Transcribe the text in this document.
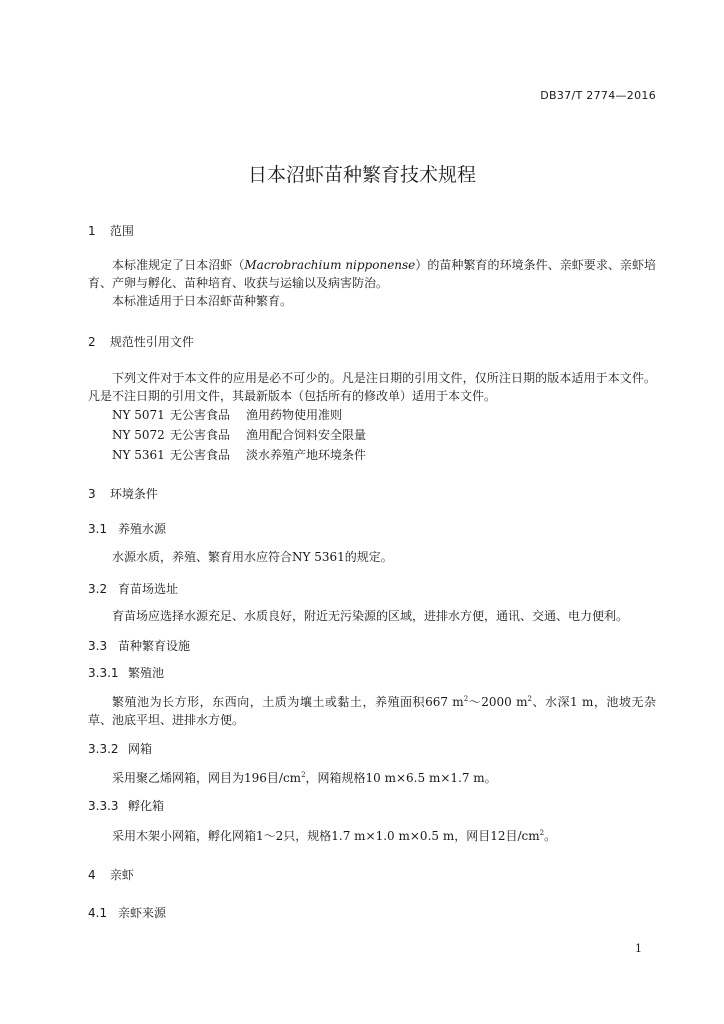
DB37/T 2774—2016
日本沼虾苗种繁育技术规程
1 范围
本标准规定了日本沼虾（Macrobrachium nipponense）的苗种繁育的环境条件、亲虾要求、亲虾培育、产卵与孵化、苗种培育、收获与运输以及病害防治。
本标准适用于日本沼虾苗种繁育。
2 规范性引用文件
下列文件对于本文件的应用是必不可少的。凡是注日期的引用文件，仅所注日期的版本适用于本文件。凡是不注日期的引用文件，其最新版本（包括所有的修改单）适用于本文件。
NY 5071 无公害食品 渔用药物使用准则
NY 5072 无公害食品 渔用配合饲料安全限量
NY 5361 无公害食品 淡水养殖产地环境条件
3 环境条件
3.1 养殖水源
水源水质，养殖、繁育用水应符合NY 5361的规定。
3.2 育苗场选址
育苗场应选择水源充足、水质良好，附近无污染源的区域，进排水方便，通讯、交通、电力便利。
3.3 苗种繁育设施
3.3.1 繁殖池
繁殖池为长方形，东西向，土质为壤土或黏土，养殖面积667 $m^2\sim 2000$ $m^2$、水深1 m，池坡无杂草、池底平坦、进排水方便。
3.3.2 网箱
采用聚乙烯网箱，网目为196目$/cm^2$，网箱规格10 m×6.5 m×1.7 m。
3.3.3 孵化箱
采用木架小网箱，孵化网箱1～2只，规格1.7 m×1.0 m×0.5 m，网目12目$/cm^2$。
4 亲虾
4.1 亲虾来源
1
